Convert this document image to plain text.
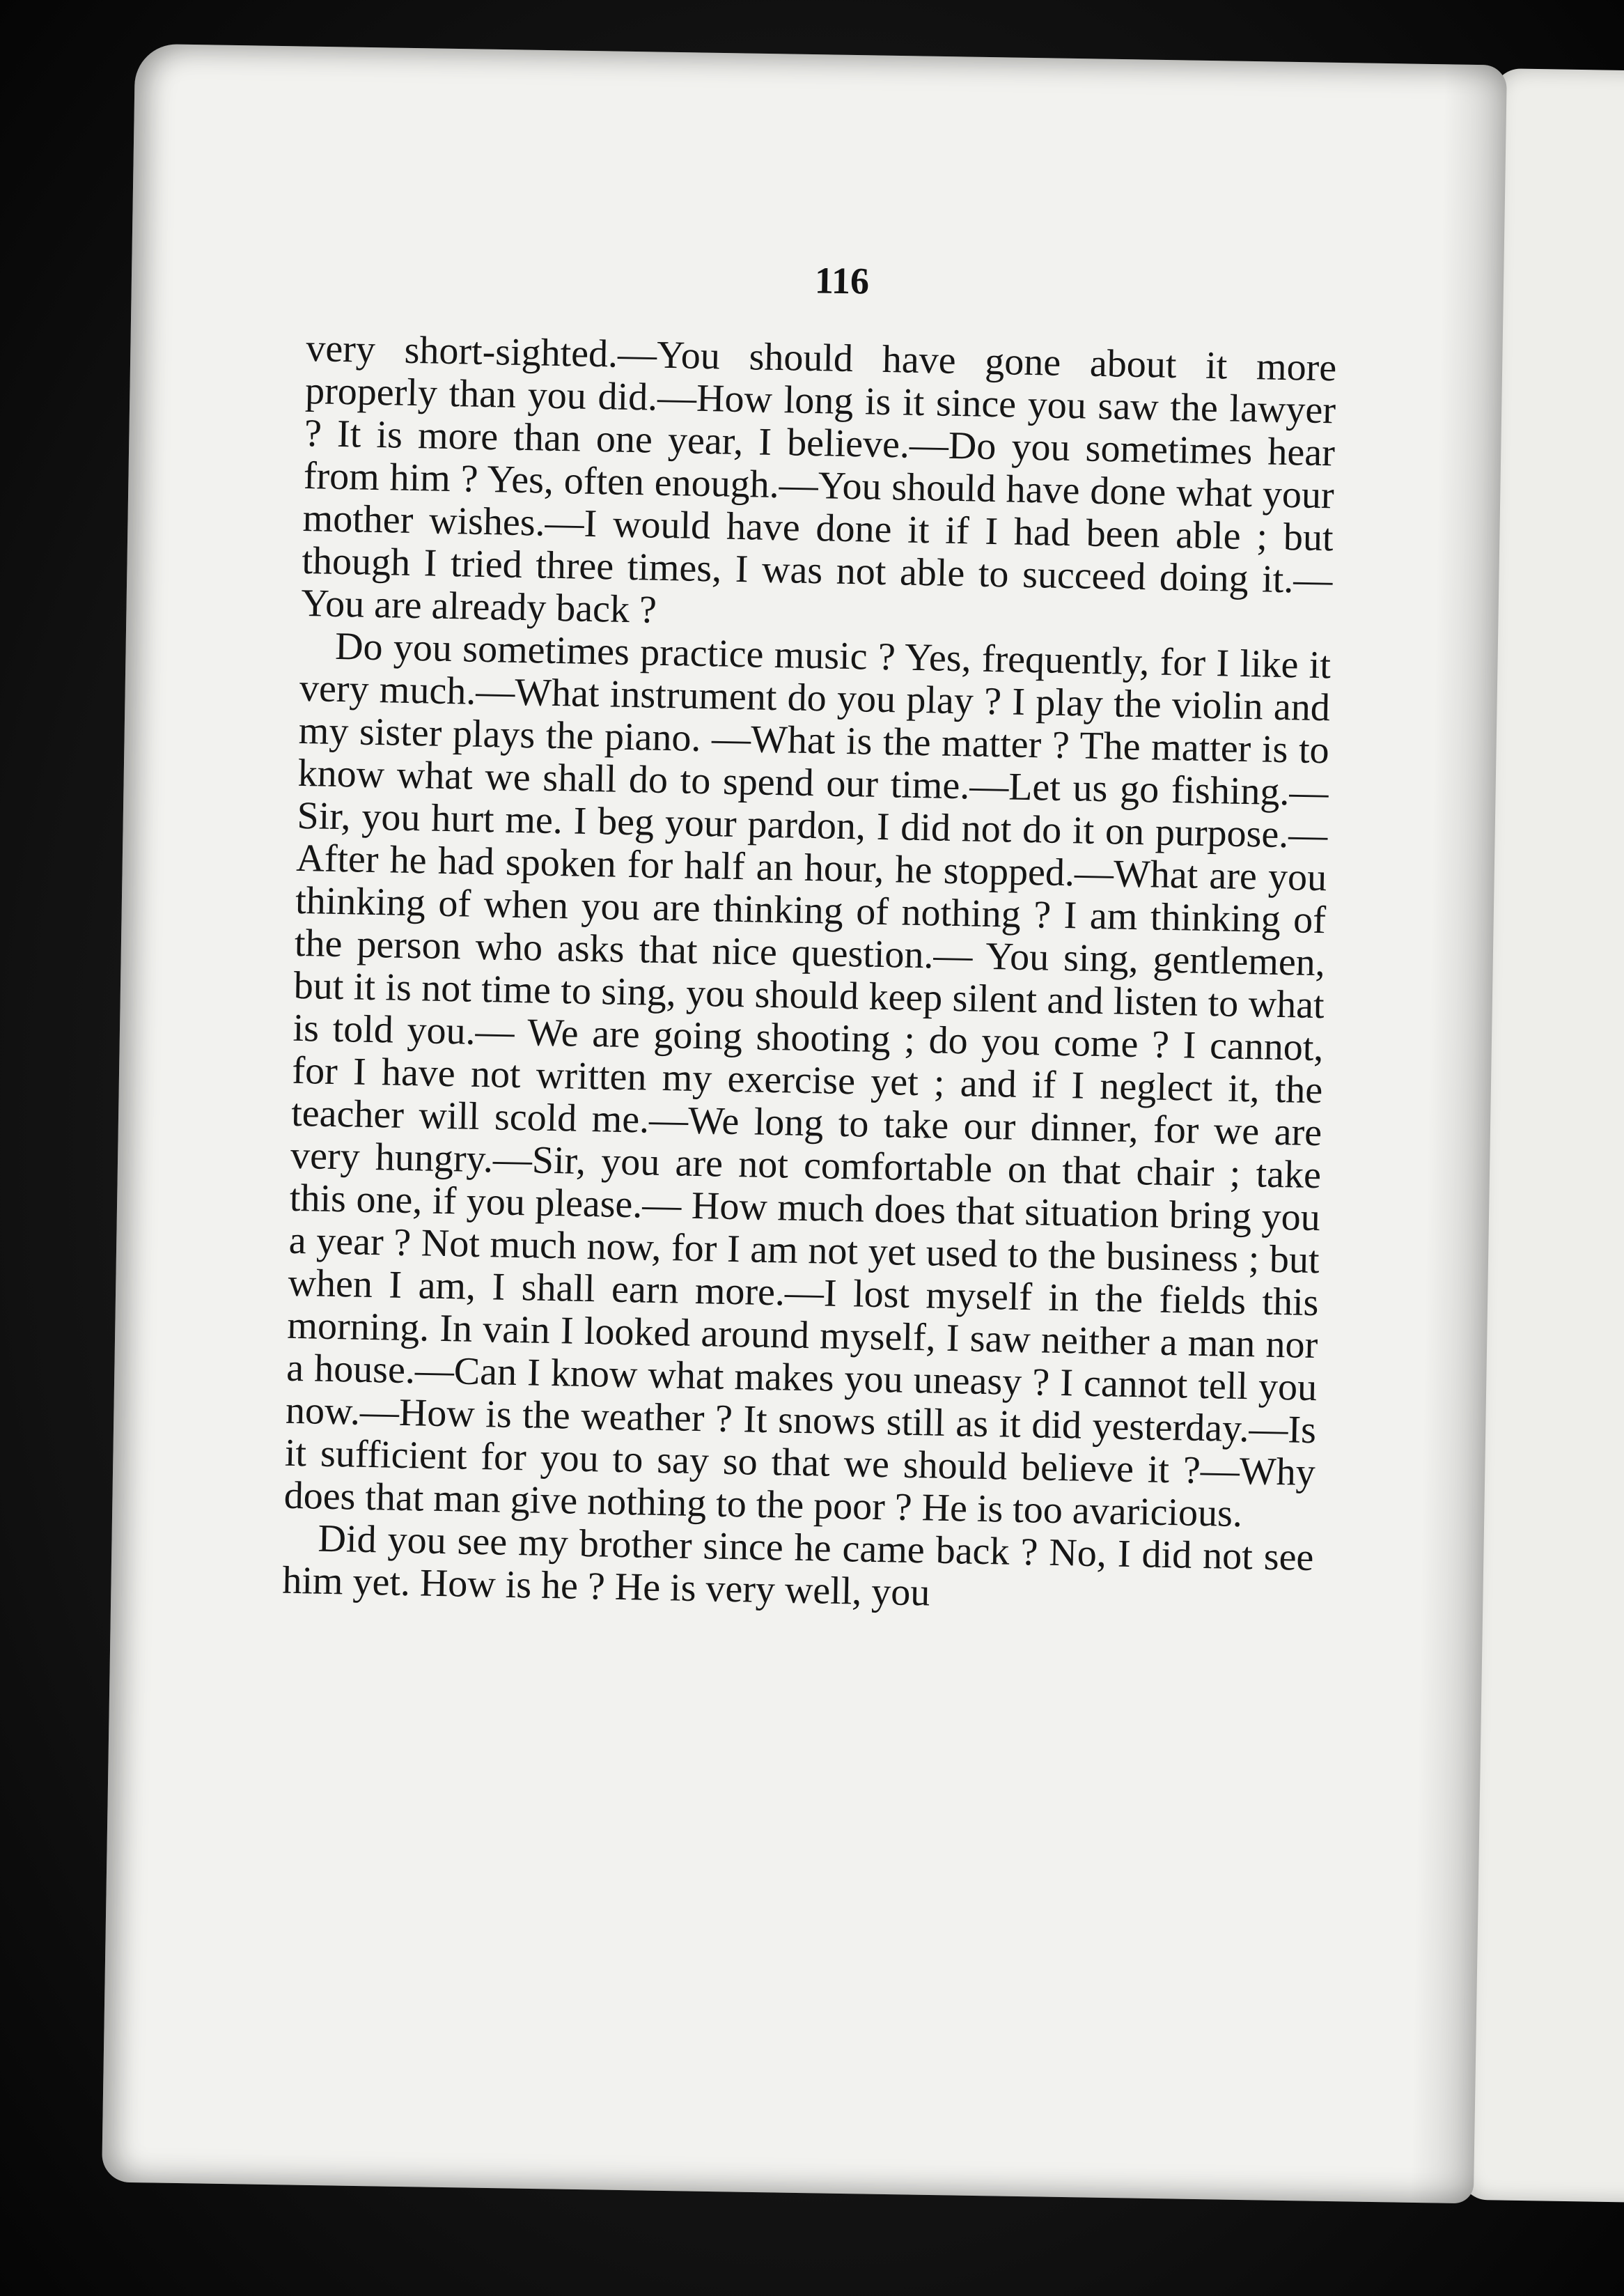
116

very short-sighted.—You should have gone about it more properly than you did.—How long is it since you saw the lawyer ? It is more than one year, I believe.—Do you sometimes hear from him ? Yes, often enough.—You should have done what your mother wishes.—I would have done it if I had been able ; but though I tried three times, I was not able to succeed doing it.—You are already back ?

Do you sometimes practice music ? Yes, frequently, for I like it very much.—What instrument do you play ? I play the violin and my sister plays the piano. —What is the matter ? The matter is to know what we shall do to spend our time.—Let us go fishing.—Sir, you hurt me. I beg your pardon, I did not do it on purpose.—After he had spoken for half an hour, he stopped.—What are you thinking of when you are thinking of nothing ? I am thinking of the person who asks that nice question.— You sing, gentlemen, but it is not time to sing, you should keep silent and listen to what is told you.— We are going shooting ; do you come ? I cannot, for I have not written my exercise yet ; and if I neglect it, the teacher will scold me.—We long to take our dinner, for we are very hungry.—Sir, you are not comfortable on that chair ; take this one, if you please.— How much does that situation bring you a year ? Not much now, for I am not yet used to the business ; but when I am, I shall earn more.—I lost myself in the fields this morning. In vain I looked around myself, I saw neither a man nor a house.—Can I know what makes you uneasy ? I cannot tell you now.—How is the weather ? It snows still as it did yesterday.—Is it sufficient for you to say so that we should believe it ?—Why does that man give nothing to the poor ? He is too avaricious.

Did you see my brother since he came back ? No, I did not see him yet. How is he ? He is very well, you
